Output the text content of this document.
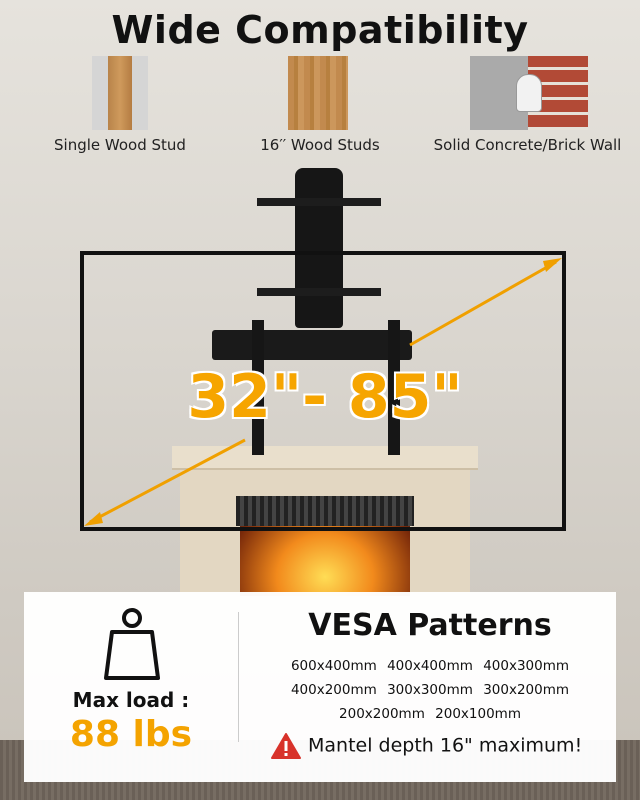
Wide Compatibility
Single Wood Stud	16′′ Wood Studs	Solid Concrete/Brick Wall
32"- 85"
Max load :
88 lbs
VESA Patterns
600x400mm 400x400mm 400x300mm
400x200mm 300x300mm 300x200mm
200x200mm 200x100mm
Mantel depth 16" maximum!
